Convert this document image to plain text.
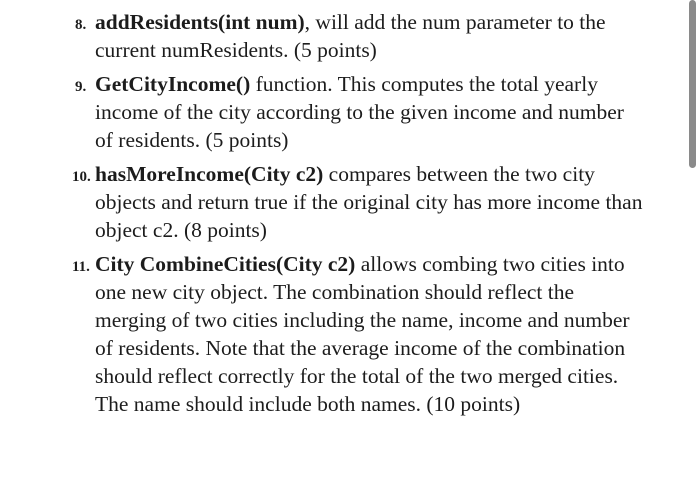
8. addResidents(int num), will add the num parameter to the current numResidents. (5 points)
9. GetCityIncome() function. This computes the total yearly income of the city according to the given income and number of residents. (5 points)
10. hasMoreIncome(City c2) compares between the two city objects and return true if the original city has more income than object c2. (8 points)
11. City CombineCities(City c2) allows combing two cities into one new city object. The combination should reflect the merging of two cities including the name, income and number of residents. Note that the average income of the combination should reflect correctly for the total of the two merged cities. The name should include both names. (10 points)
